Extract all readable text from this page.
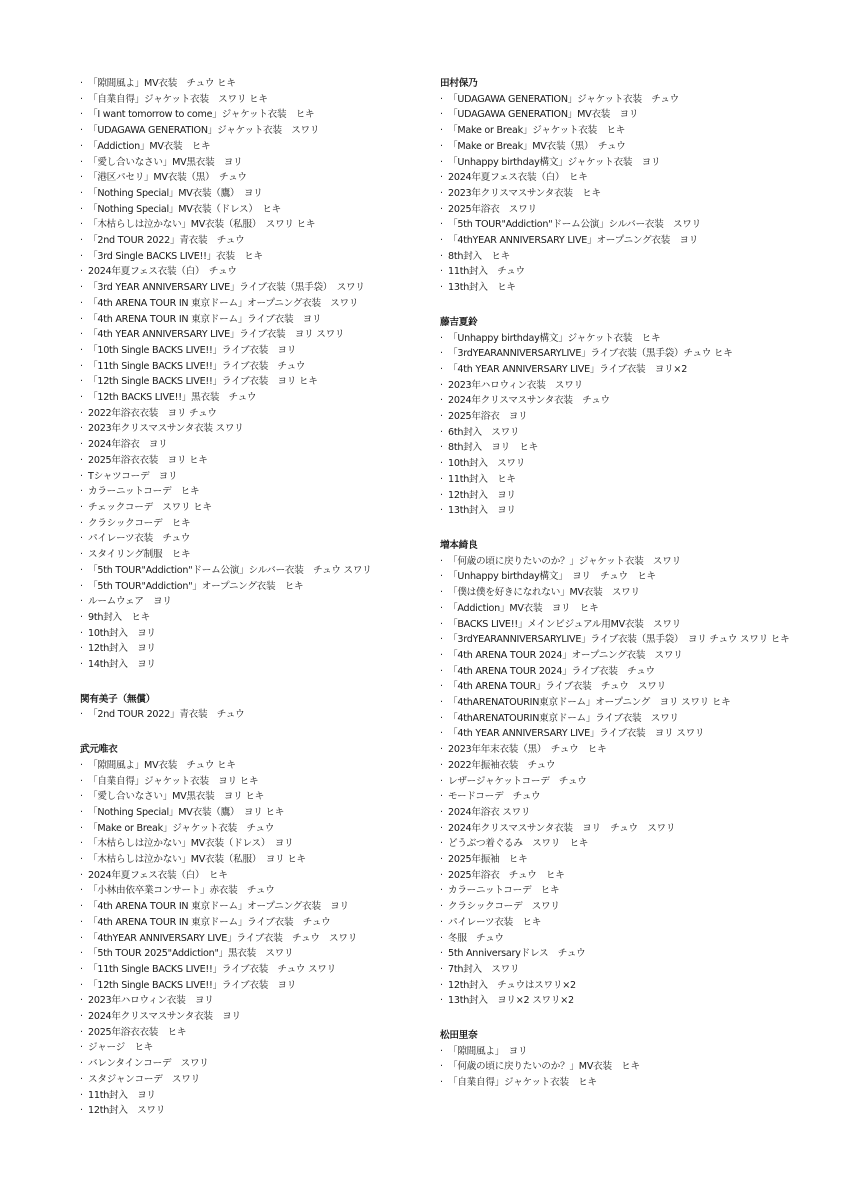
· 「隙間風よ」MV衣装　チュウ ヒキ
· 「自業自得」ジャケット衣装　スワリ ヒキ
· 「I want tomorrow to come」ジャケット衣装　ヒキ
· 「UDAGAWA GENERATION」ジャケット衣装　スワリ
· 「Addiction」MV衣装　ヒキ
· 「愛し合いなさい」MV黒衣装　ヨリ
· 「港区パセリ」MV衣装（黒）　チュウ
· 「Nothing Special」MV衣装（鷹）　ヨリ
· 「Nothing Special」MV衣装（ドレス）　ヒキ
· 「木枯らしは泣かない」MV衣装（私服）　スワリ ヒキ
· 「2nd TOUR 2022」青衣装　チュウ
· 「3rd Single BACKS LIVE!!」衣装　ヒキ
· 2024年夏フェス衣装（白）　チュウ
· 「3rd YEAR ANNIVERSARY LIVE」ライブ衣装（黒手袋）　スワリ
· 「4th ARENA TOUR IN 東京ドーム」オープニング衣装　スワリ
· 「4th ARENA TOUR IN 東京ドーム」ライブ衣装　ヨリ
· 「4th YEAR ANNIVERSARY LIVE」ライブ衣装　ヨリ スワリ
· 「10th Single BACKS LIVE!!」ライブ衣装　ヨリ
· 「11th Single BACKS LIVE!!」ライブ衣装　チュウ
· 「12th Single BACKS LIVE!!」ライブ衣装　ヨリ ヒキ
· 「12th BACKS LIVE!!」黒衣装　チュウ
· 2022年浴衣衣装　ヨリ チュウ
· 2023年クリスマスサンタ衣装 スワリ
· 2024年浴衣　ヨリ
· 2025年浴衣衣装　ヨリ ヒキ
· Tシャツコーデ　ヨリ
· カラーニットコーデ　ヒキ
· チェックコーデ　スワリ ヒキ
· クラシックコーデ　ヒキ
· パイレーツ衣装　チュウ
· スタイリング制服　ヒキ
· 「5th TOUR"Addiction"ドーム公演」シルバー衣装　チュウ スワリ
· 「5th TOUR"Addiction"」オープニング衣装　ヒキ
· ルームウェア　ヨリ
· 9th封入　ヒキ
· 10th封入　ヨリ
· 12th封入　ヨリ
· 14th封入　ヨリ
関有美子（無償）
· 「2nd TOUR 2022」青衣装　チュウ
武元唯衣
· 「隙間風よ」MV衣装　チュウ ヒキ
· 「自業自得」ジャケット衣装　ヨリ ヒキ
· 「愛し合いなさい」MV黒衣装　ヨリ ヒキ
· 「Nothing Special」MV衣装（鷹）　ヨリ ヒキ
· 「Make or Break」ジャケット衣装　チュウ
· 「木枯らしは泣かない」MV衣装（ドレス）　ヨリ
· 「木枯らしは泣かない」MV衣装（私服）　ヨリ ヒキ
· 2024年夏フェス衣装（白）　ヒキ
· 「小林由依卒業コンサート」赤衣装　チュウ
· 「4th ARENA TOUR IN 東京ドーム」オープニング衣装　ヨリ
· 「4th ARENA TOUR IN 東京ドーム」ライブ衣装　チュウ
· 「4thYEAR ANNIVERSARY LIVE」ライブ衣装　チュウ　スワリ
· 「5th TOUR 2025"Addiction"」黒衣装　スワリ
· 「11th Single BACKS LIVE!!」ライブ衣装　チュウ スワリ
· 「12th Single BACKS LIVE!!」ライブ衣装　ヨリ
· 2023年ハロウィン衣装　ヨリ
· 2024年クリスマスサンタ衣装　ヨリ
· 2025年浴衣衣装　ヒキ
· ジャージ　ヒキ
· バレンタインコーデ　スワリ
· スタジャンコーデ　スワリ
· 11th封入　ヨリ
· 12th封入　スワリ
田村保乃
· 「UDAGAWA GENERATION」ジャケット衣装　チュウ
· 「UDAGAWA GENERATION」MV衣装　ヨリ
· 「Make or Break」ジャケット衣装　ヒキ
· 「Make or Break」MV衣装（黒）　チュウ
· 「Unhappy birthday構文」ジャケット衣装　ヨリ
· 2024年夏フェス衣装（白）　ヒキ
· 2023年クリスマスサンタ衣装　ヒキ
· 2025年浴衣　スワリ
· 「5th TOUR"Addiction"ドーム公演」シルバー衣装　スワリ
· 「4thYEAR ANNIVERSARY LIVE」オープニング衣装　ヨリ
· 8th封入　ヒキ
· 11th封入　チュウ
· 13th封入　ヒキ
藤吉夏鈴
· 「Unhappy birthday構文」ジャケット衣装　ヒキ
· 「3rdYEARANNIVERSARYLIVE」ライブ衣装（黒手袋）チュウ ヒキ
· 「4th YEAR ANNIVERSARY LIVE」ライブ衣装　ヨリ×2
· 2023年ハロウィン衣装　スワリ
· 2024年クリスマスサンタ衣装　チュウ
· 2025年浴衣　ヨリ
· 6th封入　スワリ
· 8th封入　ヨリ　ヒキ
· 10th封入　スワリ
· 11th封入　ヒキ
· 12th封入　ヨリ
· 13th封入　ヨリ
増本綺良
· 「何歳の頃に戻りたいのか？」ジャケット衣装　スワリ
· 「Unhappy birthday構文」　ヨリ　チュウ　ヒキ
· 「僕は僕を好きになれない」MV衣装　スワリ
· 「Addiction」MV衣装　ヨリ　ヒキ
· 「BACKS LIVE!!」メインビジュアル用MV衣装　スワリ
· 「3rdYEARANNIVERSARYLIVE」ライブ衣装（黒手袋）　ヨリ チュウ スワリ ヒキ
· 「4th ARENA TOUR 2024」オープニング衣装　スワリ
· 「4th ARENA TOUR 2024」ライブ衣装　チュウ
· 「4th ARENA TOUR」ライブ衣装　チュウ　スワリ
· 「4thARENATOURIN東京ドーム」オープニング　ヨリ スワリ ヒキ
· 「4thARENATOURIN東京ドーム」ライブ衣装　スワリ
· 「4th YEAR ANNIVERSARY LIVE」ライブ衣装　ヨリ スワリ
· 2023年年末衣装（黒）　チュウ　ヒキ
· 2022年振袖衣装　チュウ
· レザージャケットコーデ　チュウ
· モードコーデ　チュウ
· 2024年浴衣 スワリ
· 2024年クリスマスサンタ衣装　ヨリ　チュウ　スワリ
· どうぶつ着ぐるみ　スワリ　ヒキ
· 2025年振袖　ヒキ
· 2025年浴衣　チュウ　ヒキ
· カラーニットコーデ　ヒキ
· クラシックコーデ　スワリ
· パイレーツ衣装　ヒキ
· 冬服　チュウ
· 5th Anniversaryドレス　チュウ
· 7th封入　スワリ
· 12th封入　チュウはスワリ×2
· 13th封入　ヨリ×2 スワリ×2
松田里奈
· 「隙間風よ」　ヨリ
· 「何歳の頃に戻りたいのか？」MV衣装　ヒキ
· 「自業自得」ジャケット衣装　ヒキ
